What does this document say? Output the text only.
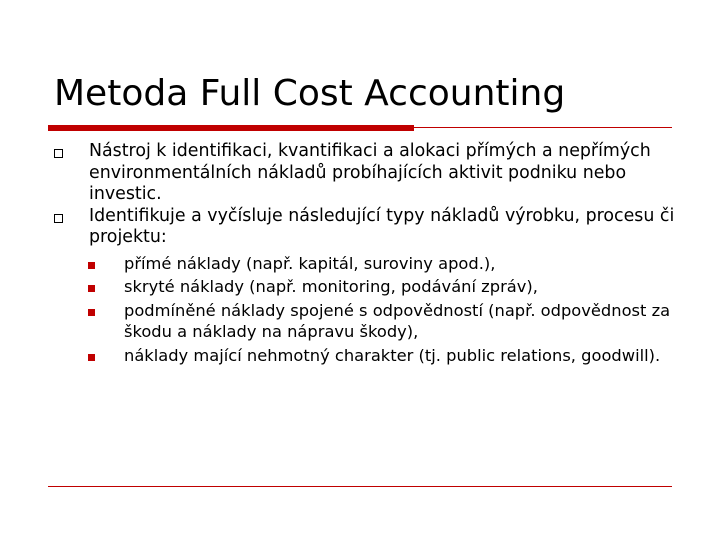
Metoda Full Cost Accounting
Nástroj k identifikaci, kvantifikaci a alokaci přímých a nepřímých environmentálních nákladů probíhajících aktivit podniku nebo investic.
Identifikuje a vyčísluje následující typy nákladů výrobku, procesu či projektu:
přímé náklady (např. kapitál, suroviny apod.),
skryté náklady (např. monitoring, podávání zpráv),
podmíněné náklady spojené s odpovědností (např. odpovědnost za škodu a náklady na nápravu škody),
náklady mající nehmotný charakter (tj. public relations, goodwill).
